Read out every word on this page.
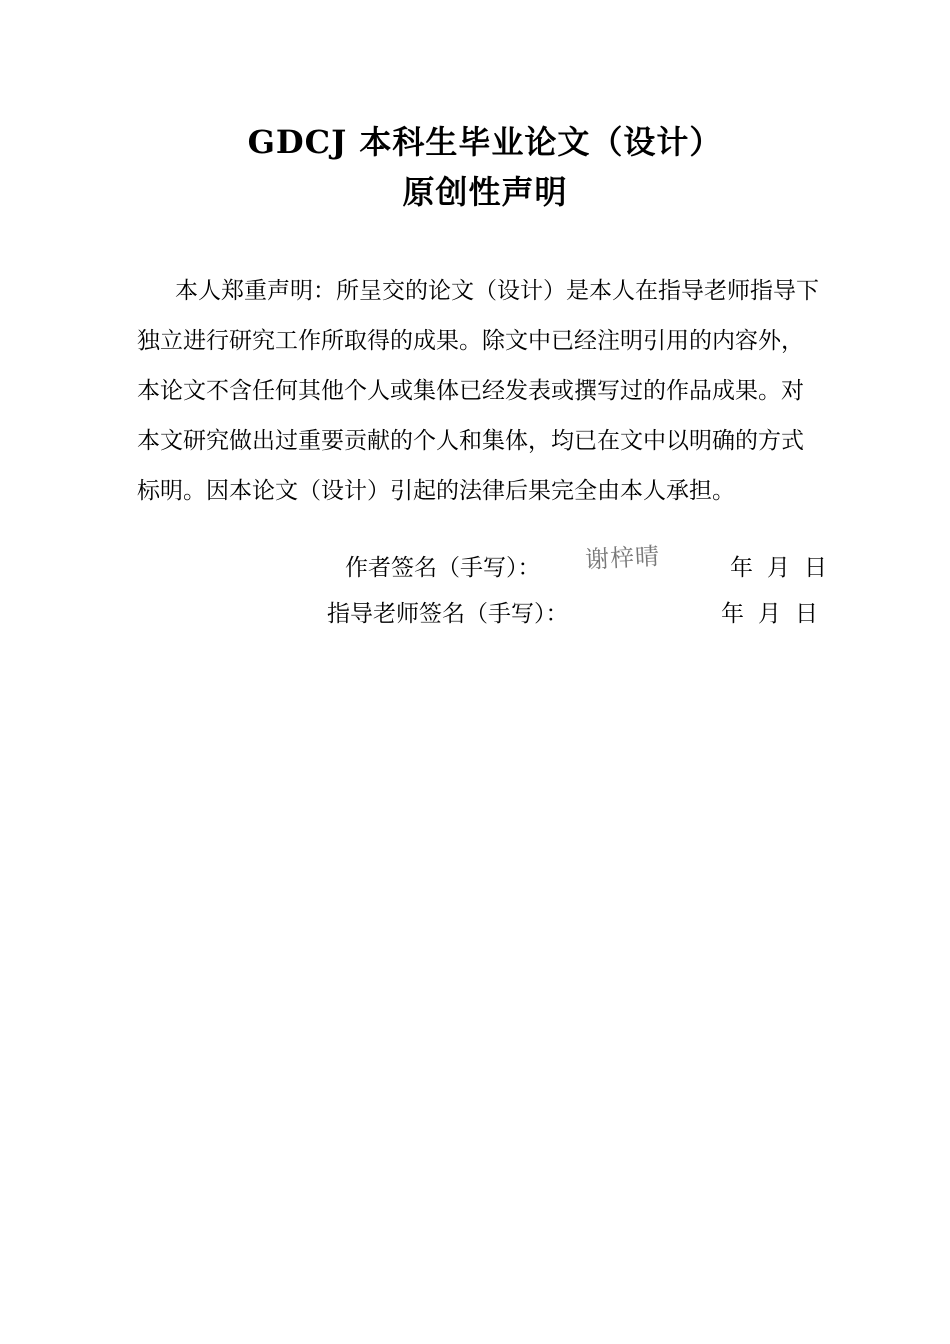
GDCJ 本科生毕业论文（设计）
原创性声明

本人郑重声明：所呈交的论文（设计）是本人在指导老师指导下

独立进行研究工作所取得的成果。除文中已经注明引用的内容外，

本论文不含任何其他个人或集体已经发表或撰写过的作品成果。对

本文研究做出过重要贡献的个人和集体，均已在文中以明确的方式

标明。因本论文（设计）引起的法律后果完全由本人承担。

作者签名（手写）： 谢梓晴	年 月 日
指导老师签名（手写）：	年 月 日
